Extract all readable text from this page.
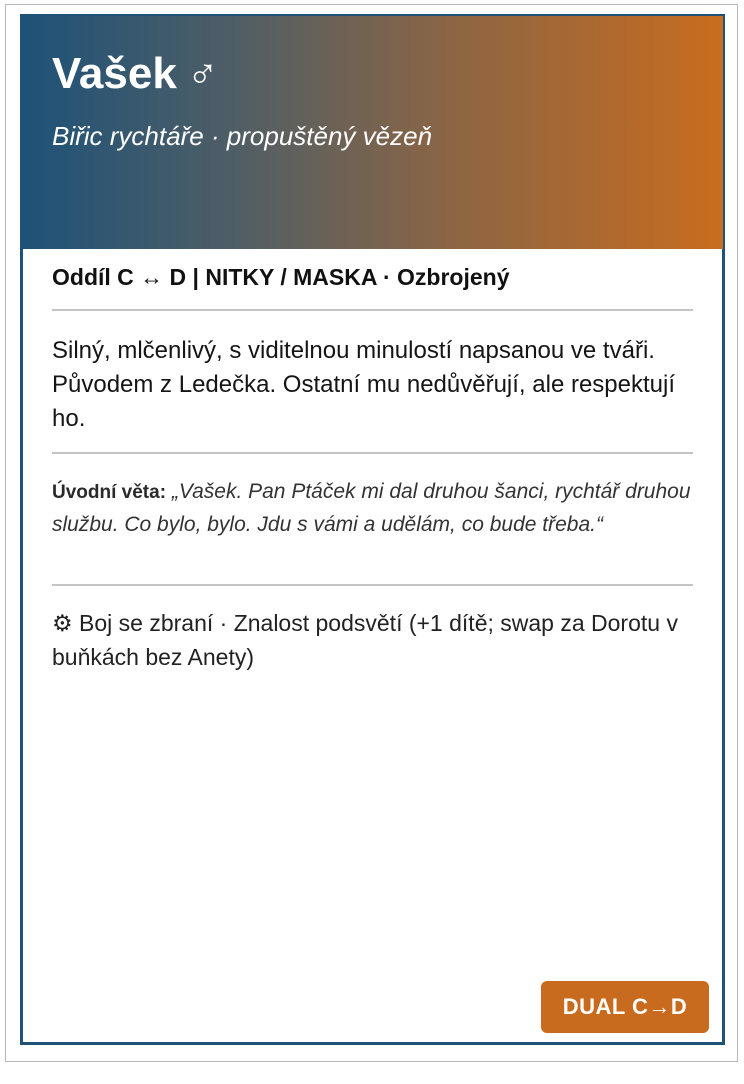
Vašek ♂
Biřic rychtáře · propuštěný vězeň
Oddíl C ↔ D | NITKY / MASKA · Ozbrojený
Silný, mlčenlivý, s viditelnou minulostí napsanou ve tváři. Původem z Ledečka. Ostatní mu nedůvěřují, ale respektují ho.
Úvodní věta: „Vašek. Pan Ptáček mi dal druhou šanci, rychtář druhou službu. Co bylo, bylo. Jdu s vámi a udělám, co bude třeba.“
⚙ Boj se zbraní · Znalost podsvětí (+1 dítě; swap za Dorotu v buňkách bez Anety)
DUAL C→D
